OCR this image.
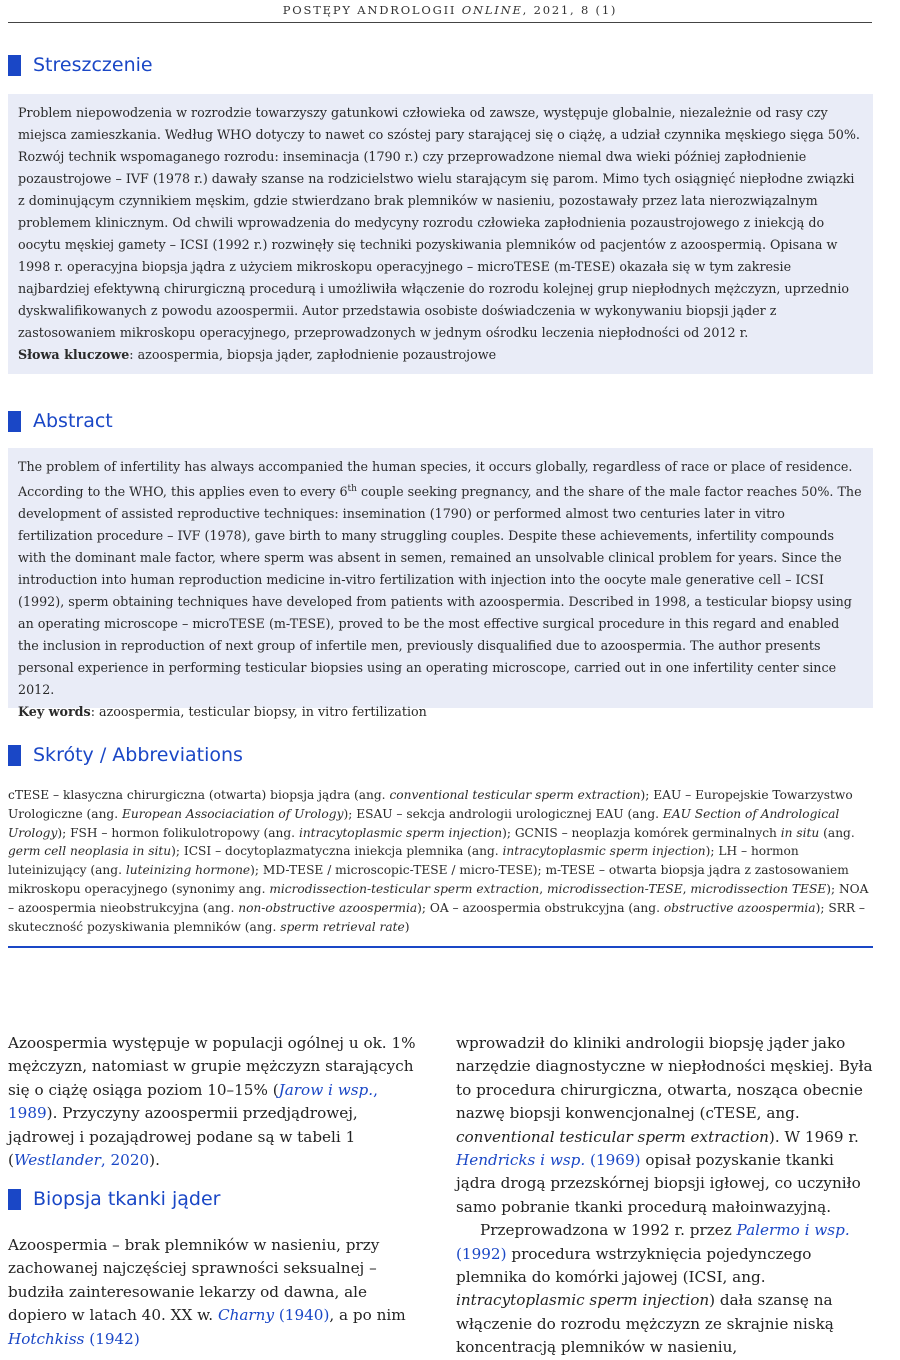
POSTĘPY ANDROLOGII ONLINE, 2021, 8 (1)
Streszczenie

Problem niepowodzenia w rozrodzie towarzyszy gatunkowi człowieka od zawsze, występuje globalnie, niezależnie od rasy czy miejsca zamieszkania. Według WHO dotyczy to nawet co szóstej pary starającej się o ciążę, a udział czynnika męskiego sięga 50%. Rozwój technik wspomaganego rozrodu: inseminacja (1790 r.) czy przeprowadzone niemal dwa wieki później zapłodnienie pozaustrojowe – IVF (1978 r.) dawały szanse na rodzicielstwo wielu starającym się parom. Mimo tych osiągnięć niepłodne związki z dominującym czynnikiem męskim, gdzie stwierdzano brak plemników w nasieniu, pozostawały przez lata nierozwiązalnym problemem klinicznym. Od chwili wprowadzenia do medycyny rozrodu człowieka zapłodnienia pozaustrojowego z iniekcją do oocytu męskiej gamety – ICSI (1992 r.) rozwinęły się techniki pozyskiwania plemników od pacjentów z azoospermią. Opisana w 1998 r. operacyjna biopsja jądra z użyciem mikroskopu operacyjnego – microTESE (m-TESE) okazała się w tym zakresie najbardziej efektywną chirurgiczną procedurą i umożliwiła włączenie do rozrodu kolejnej grup niepłodnych mężczyzn, uprzednio dyskwalifikowanych z powodu azoospermii. Autor przedstawia osobiste doświadczenia w wykonywaniu biopsji jąder z zastosowaniem mikroskopu operacyjnego, przeprowadzonych w jednym ośrodku leczenia niepłodności od 2012 r.

Słowa kluczowe: azoospermia, biopsja jąder, zapłodnienie pozaustrojowe
Abstract

The problem of infertility has always accompanied the human species, it occurs globally, regardless of race or place of residence. According to the WHO, this applies even to every 6th couple seeking pregnancy, and the share of the male factor reaches 50%. The development of assisted reproductive techniques: insemination (1790) or performed almost two centuries later in vitro fertilization procedure – IVF (1978), gave birth to many struggling couples. Despite these achievements, infertility compounds with the dominant male factor, where sperm was absent in semen, remained an unsolvable clinical problem for years. Since the introduction into human reproduction medicine in-vitro fertilization with injection into the oocyte male generative cell – ICSI (1992), sperm obtaining techniques have developed from patients with azoospermia. Described in 1998, a testicular biopsy using an operating microscope – microTESE (m-TESE), proved to be the most effective surgical procedure in this regard and enabled the inclusion in reproduction of next group of infertile men, previously disqualified due to azoospermia. The author presents personal experience in performing testicular biopsies using an operating microscope, carried out in one infertility center since 2012.

Key words: azoospermia, testicular biopsy, in vitro fertilization
Skróty / Abbreviations

cTESE – klasyczna chirurgiczna (otwarta) biopsja jądra (ang. conventional testicular sperm extraction); EAU – Europejskie Towarzystwo Urologiczne (ang. European Associaciation of Urology); ESAU – sekcja andrologii urologicznej EAU (ang. EAU Section of Andrological Urology); FSH – hormon folikulotropowy (ang. intracytoplasmic sperm injection); GCNIS – neoplazja komórek germinalnych in situ (ang. germ cell neoplasia in situ); ICSI – docytoplazmatyczna iniekcja plemnika (ang. intracytoplasmic sperm injection); LH – hormon luteinizujący (ang. luteinizing hormone); MD-TESE / microscopic-TESE / micro-TESE); m-TESE – otwarta biopsja jądra z zastosowaniem mikroskopu operacyjnego (synonimy ang. microdissection-testicular sperm extraction, microdissection-TESE, microdissection TESE); NOA – azoospermia nieobstrukcyjna (ang. non-obstructive azoospermia); OA – azoospermia obstrukcyjna (ang. obstructive azoospermia); SRR – skuteczność pozyskiwania plemników (ang. sperm retrieval rate)

Azoospermia występuje w populacji ogólnej u ok. 1% mężczyzn, natomiast w grupie mężczyzn starających się o ciążę osiąga poziom 10–15% (Jarow i wsp., 1989). Przyczyny azoospermii przedjądrowej, jądrowej i pozajądrowej podane są w tabeli 1 (Westlander, 2020).

Biopsja tkanki jąder

Azoospermia – brak plemników w nasieniu, przy zachowanej najczęściej sprawności seksualnej – budziła zainteresowanie lekarzy od dawna, ale dopiero w latach 40. XX w. Charny (1940), a po nim Hotchkiss (1942)

wprowadził do kliniki andrologii biopsję jąder jako narzędzie diagnostyczne w niepłodności męskiej. Była to procedura chirurgiczna, otwarta, nosząca obecnie nazwę biopsji konwencjonalnej (cTESE, ang. conventional testicular sperm extraction). W 1969 r. Hendricks i wsp. (1969) opisał pozyskanie tkanki jądra drogą przezskórnej biopsji igłowej, co uczyniło samo pobranie tkanki procedurą małoinwazyjną.

Przeprowadzona w 1992 r. przez Palermo i wsp. (1992) procedura wstrzyknięcia pojedynczego plemnika do komórki jajowej (ICSI, ang. intracytoplasmic sperm injection) dała szansę na włączenie do rozrodu mężczyzn ze skrajnie niską koncentracją plemników w nasieniu,
